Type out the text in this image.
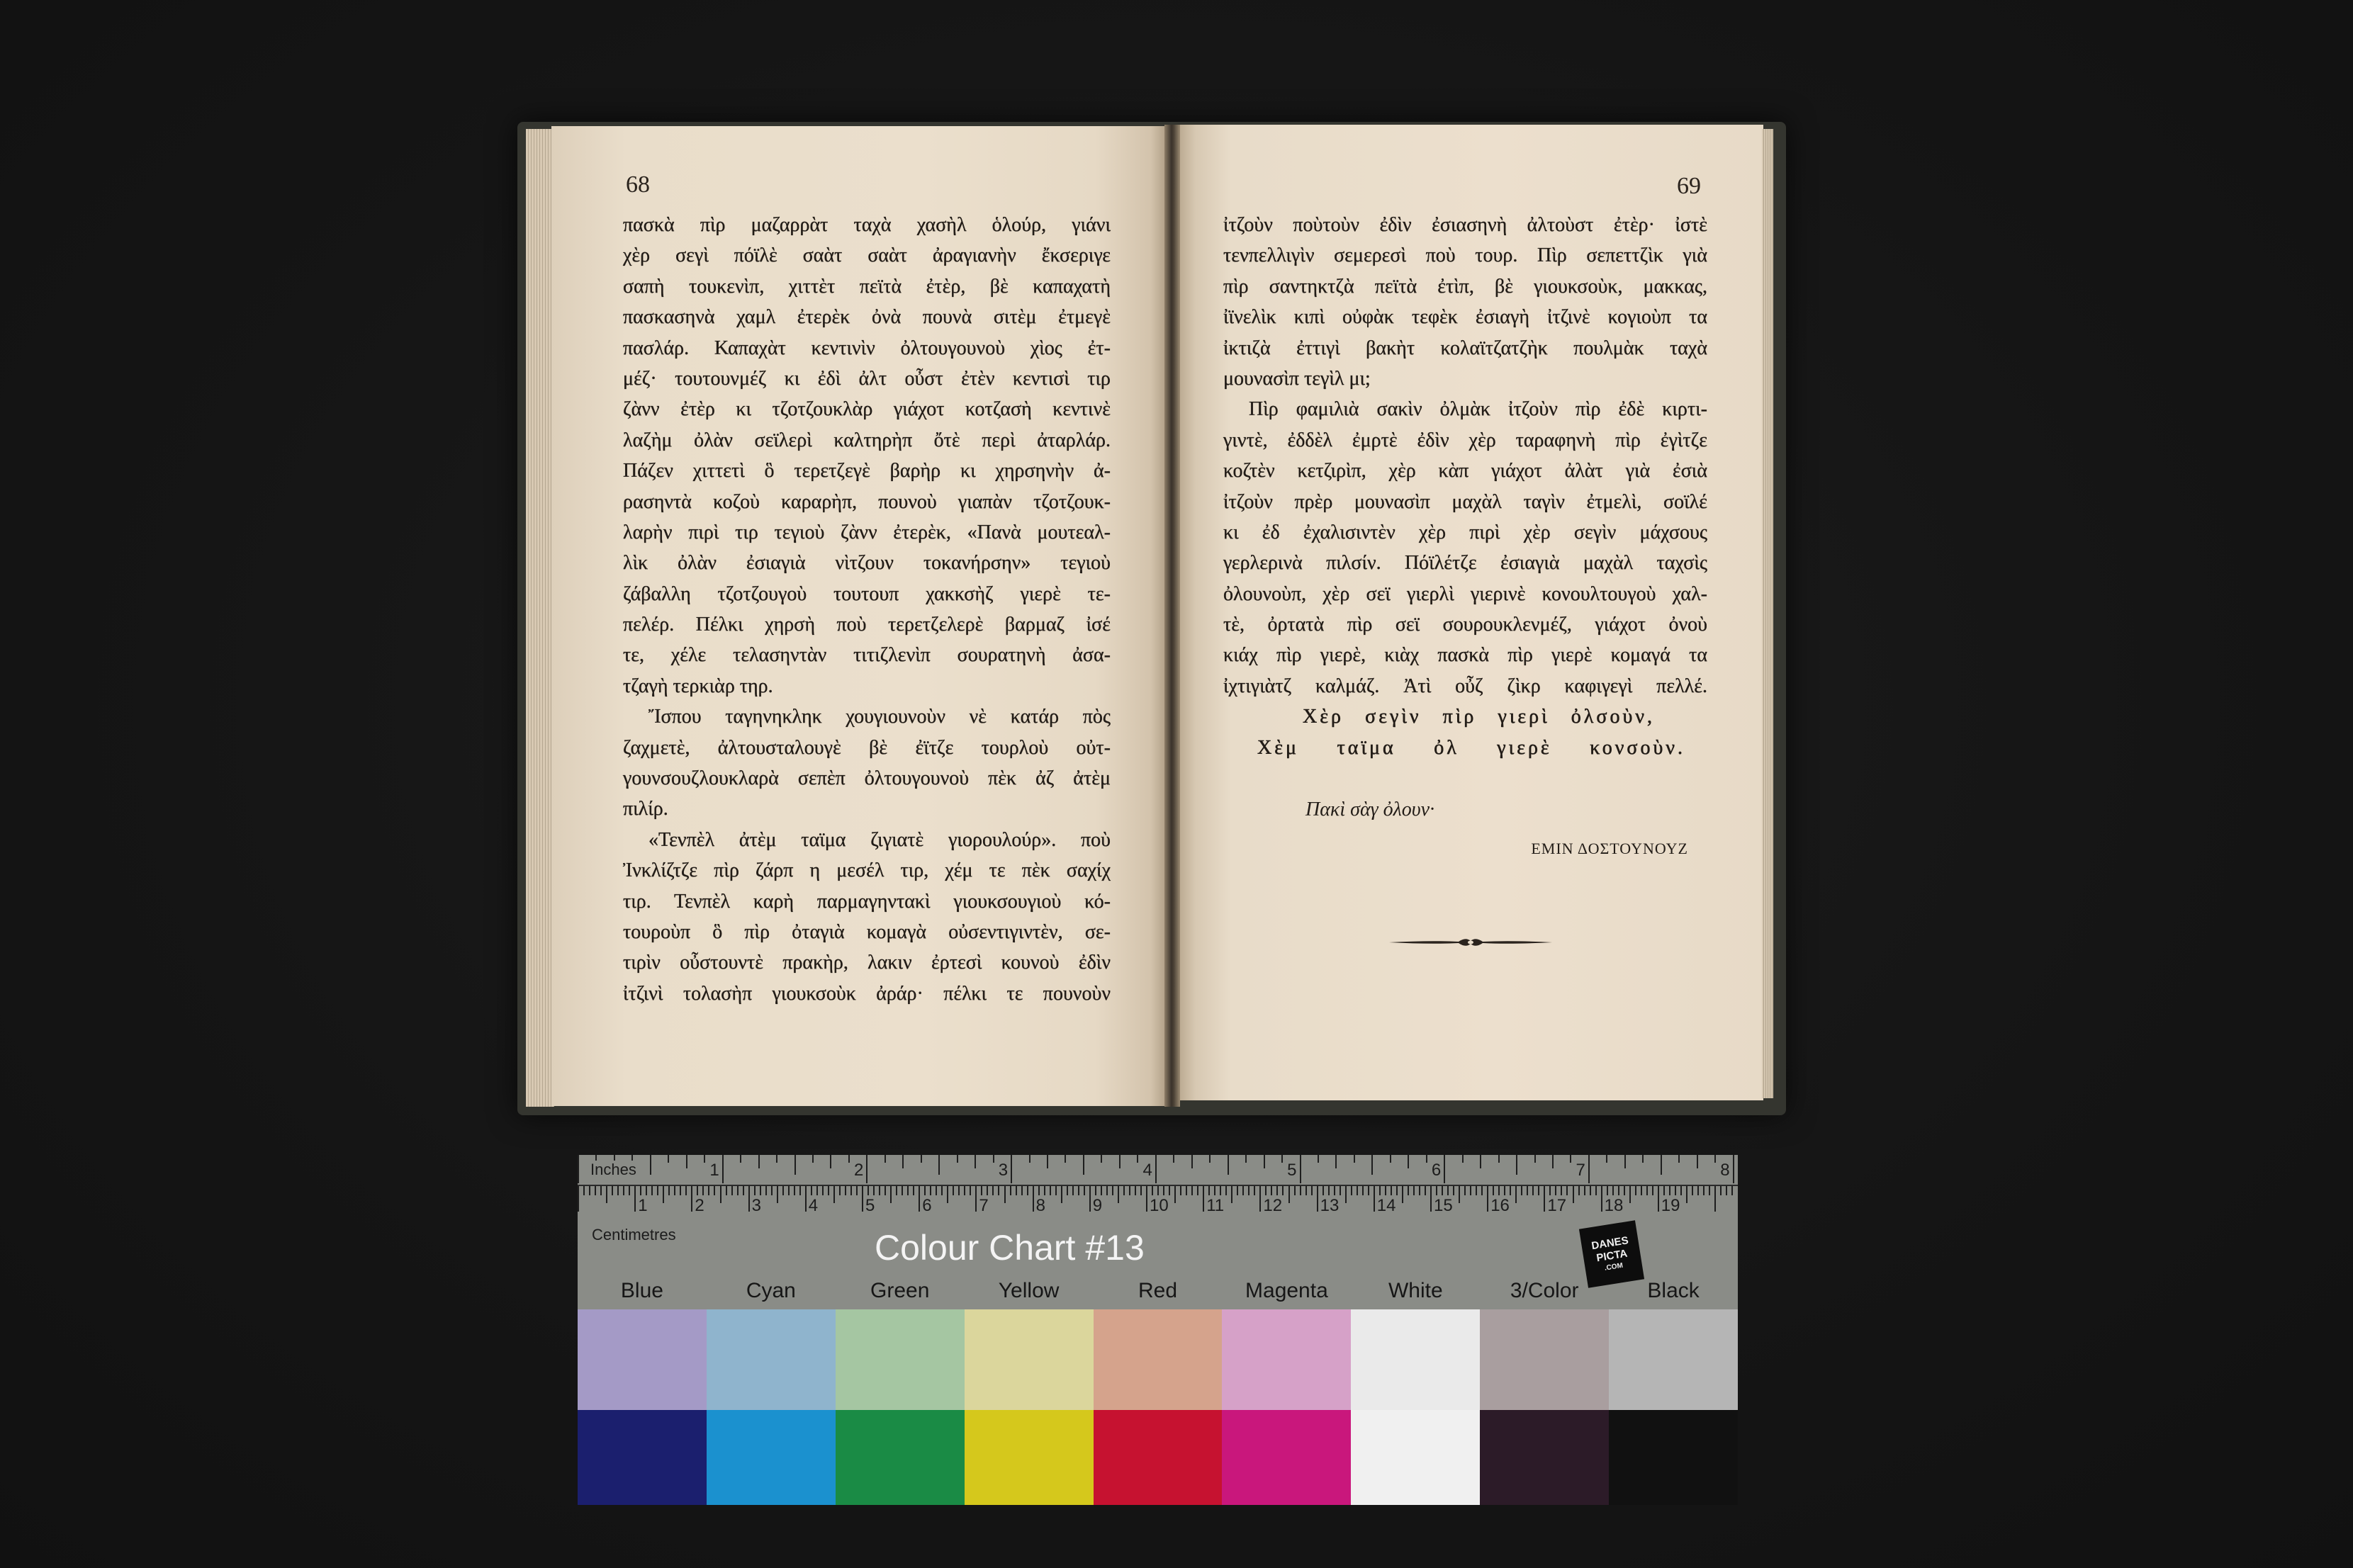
68	69
πασκὰ πὶρ μαζαρρὰτ ταχὰ χασὴλ ὁλούρ, γιάνι
χὲρ σεγὶ πόϊλὲ σαὰτ σαὰτ ἀραγιανὴν ἔκσεριγε
σαπὴ τουκενὶπ, χιττὲτ πεϊτὰ ἐτὲρ, βὲ καπαχατὴ
πασκασηνὰ χαμλ ἐτερὲκ ὀνὰ πουνὰ σιτὲμ ἐτμεγὲ
πασλάρ. Καπαχὰτ κεντινὶν ὀλτουγουνοὺ χὶος ἐτ-
μέζ· τουτουνμέζ κι ἐδὶ ἀλτ οὖστ ἐτὲν κεντισὶ τιρ
ζὰνν ἐτὲρ κι τζοτζουκλὰρ γιάχοτ κοτζασὴ κεντινὲ
λαζὴμ ὀλὰν σεϊλερὶ καλτηρὴπ ὄτὲ περὶ ἀταρλάρ.
Πάζεν χιττετὶ ὃ τερετζεγὲ βαρὴρ κι χηρσηνὴν ἀ-
ρασηντὰ κοζοὺ καραρὴπ, πουνοὺ γιαπὰν τζοτζουκ-
λαρὴν πιρὶ τιρ τεγιοὺ ζὰνν ἐτερὲκ, «Πανὰ μουτεαλ-
λὶκ ὀλὰν ἐσιαγιὰ νὶτζουν τοκανήρσην» τεγιοὺ
ζάβαλλη τζοτζουγοὺ τουτουπ χακκσὴζ γιερὲ τε-
πελέρ. Πέλκι χηρσὴ ποὺ τερετζελερὲ βαρμαζ ἰσέ
τε, χέλε τελασηντὰν τιτιζλενὶπ σουρατηνὴ ἀσα-
τζαγὴ τερκιὰρ τηρ.
Ἴσπου ταγηνηκληκ χουγιουνοὺν νὲ κατάρ πὸς
ζαχμετὲ, ἀλτουσταλουγὲ βὲ ἐϊτζε τουρλοὺ οὐτ-
γουνσουζλουκλαρὰ σεπὲπ ὀλτουγουνοὺ πὲκ ἀζ ἀτὲμ
πιλίρ.
«Τενπὲλ ἀτὲμ ταϊμα ζιγιατὲ γιορουλούρ». ποὺ
Ἰνκλίζτζε πὶρ ζάρπ η μεσέλ τιρ, χέμ τε πὲκ σαχίχ
τιρ. Τενπὲλ καρὴ παρμαγηντακὶ γιουκσουγιοὺ κό-
τουροὺπ ὃ πὶρ ὀταγιὰ κομαγὰ οὐσεντιγιντὲν, σε-
τιρὶν οὖστουντὲ πρακὴρ, λακιν ἐρτεσὶ κουνοὺ ἐδὶν
ἰτζινὶ τολασὴπ γιουκσοὺκ ἀράρ· πέλκι τε πουνοὺν
ἰτζοὺν ποὺτοὺν ἐδὶν ἐσιασηνὴ ἀλτοὺστ ἐτὲρ· ἰστὲ
τενπελλιγὶν σεμερεσὶ ποὺ τουρ. Πὶρ σεπεττζὶκ γιὰ
πὶρ σαντηκτζὰ πεϊτὰ ἐτὶπ, βὲ γιουκσοὺκ, μακκας,
ἰϊνελὶκ κιπὶ οὐφὰκ τεφὲκ ἐσιαγὴ ἰτζινὲ κογιοὺπ τα
ἰκτιζὰ ἐττιγὶ βακὴτ κολαϊτζατζὴκ πουλμὰκ ταχὰ
μουνασὶπ τεγὶλ μι;
Πὶρ φαμιλιὰ σακὶν ὀλμὰκ ἰτζοὺν πὶρ ἐδὲ κιρτι-
γιντὲ, ἐδδὲλ ἐμρτὲ ἐδὶν χὲρ ταραφηνὴ πὶρ ἐγὶτζε
κοζτὲν κετζιρὶπ, χὲρ κὰπ γιάχοτ ἀλὰτ γιὰ ἐσιὰ
ἰτζοὺν πρὲρ μουνασὶπ μαχὰλ ταγὶν ἐτμελὶ, σοϊλέ
κι ἐδ ἐχαλισιντὲν χὲρ πιρὶ χὲρ σεγὶν μάχσους
γερλερινὰ πιλσίν. Πόϊλέτζε ἐσιαγιὰ μαχὰλ ταχσὶς
ὀλουνοὺπ, χὲρ σεϊ γιερλὶ γιερινὲ κονουλτουγοὺ χαλ-
τὲ, ὀρτατὰ πὶρ σεϊ σουρουκλενμέζ, γιάχοτ ὀνοὺ
κιάχ πὶρ γιερὲ, κιὰχ πασκὰ πὶρ γιερὲ κομαγά τα
ἰχτιγιὰτζ καλμάζ. Ἀτὶ οὖζ ζὶκρ καφιγεγὶ πελλέ.
Χὲρ σεγὶν πὶρ γιερὶ ὀλσοὺν,
Χὲμ ταϊμα ὀλ γιερὲ κονσοὺν.
Πακὶ σὰγ ὀλουν·
ΕΜΙΝ ΔΟΣΤΟΥΝΟΥΖ
1	2	3	4	5	6	7	8
1	2	3	4	5	6	7	8	9	10 11 12 13 14 15 16 17 18 19
Inches
Centimetres	Colour Chart #13	DANES
PICTA
.COM
Blue	Cyan	Green	Yellow	Red	Magenta	White	3/Color	Black
